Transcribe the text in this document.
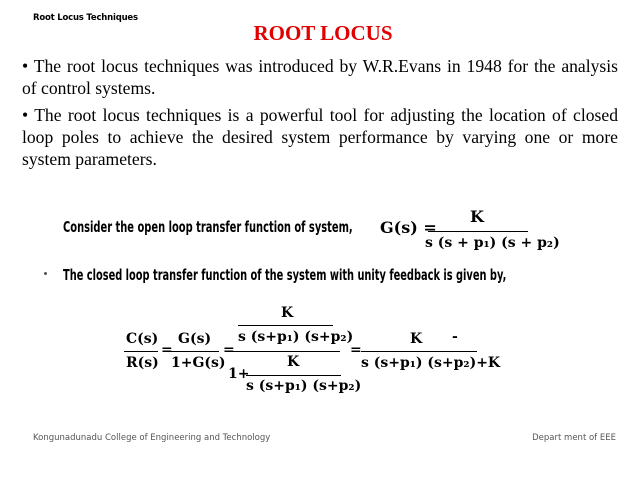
Root Locus Techniques
ROOT LOCUS

• The root locus techniques was introduced by W.R.Evans in 1948 for the analysis of control systems.

• The root locus techniques is a powerful tool for adjusting the location of closed loop poles to achieve the desired system performance by varying one or more system parameters.

Consider the open loop transfer function of system, G(s) =
K
s (s + p₁) (s + p₂)
The closed loop transfer function of the system with unity feedback is given by,
C(s)
R(s)
=
G(s)
1+G(s)
=
K
s (s+p₁) (s+p₂)
1+
K
s (s+p₁) (s+p₂)
=
K -
s (s+p₁) (s+p₂)+K
Kongunadunadu College of Engineering and Technology	Depart ment of EEE
